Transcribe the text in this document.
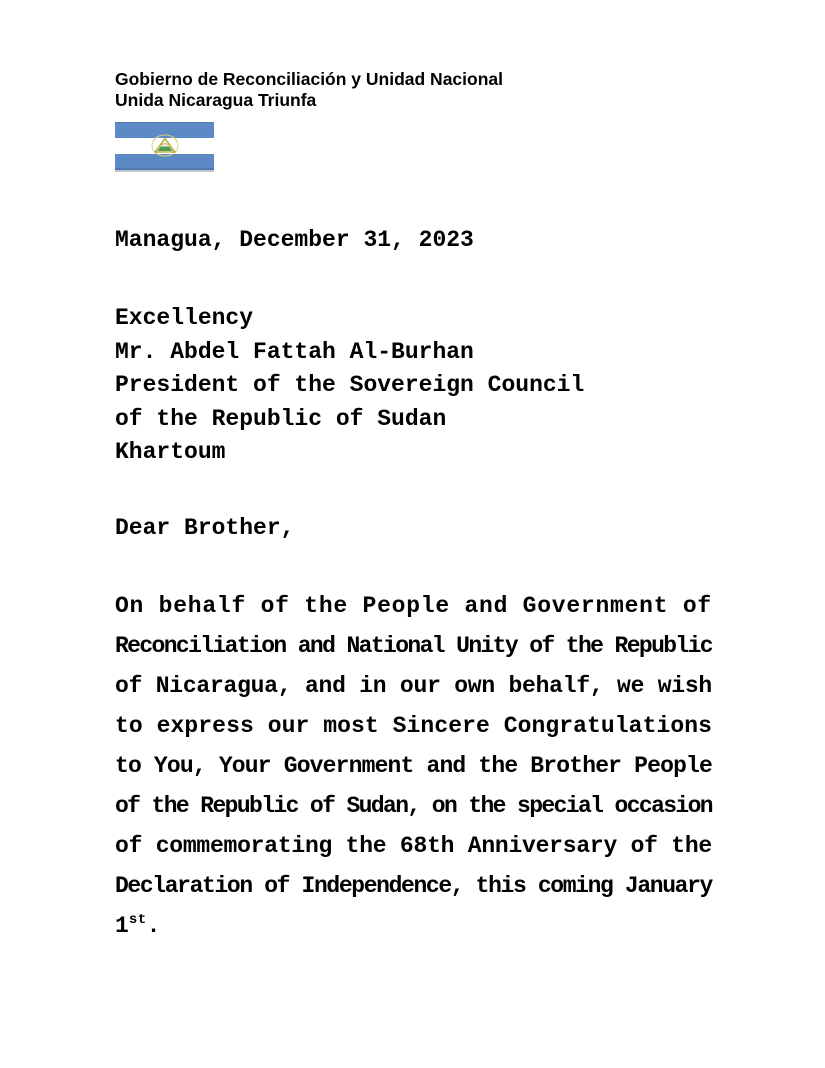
Gobierno de Reconciliación y Unidad Nacional
Unida Nicaragua Triunfa
Managua, December 31, 2023
Excellency
Mr. Abdel Fattah Al-Burhan
President of the Sovereign Council
of the Republic of Sudan
Khartoum
Dear Brother,
On behalf of the People and Government of
Reconciliation and National Unity of the Republic
of Nicaragua, and in our own behalf, we wish
to express our most Sincere Congratulations
to You, Your Government and the Brother People
of the Republic of Sudan, on the special occasion
of commemorating the 68th Anniversary of the
Declaration of Independence, this coming January
1st.
